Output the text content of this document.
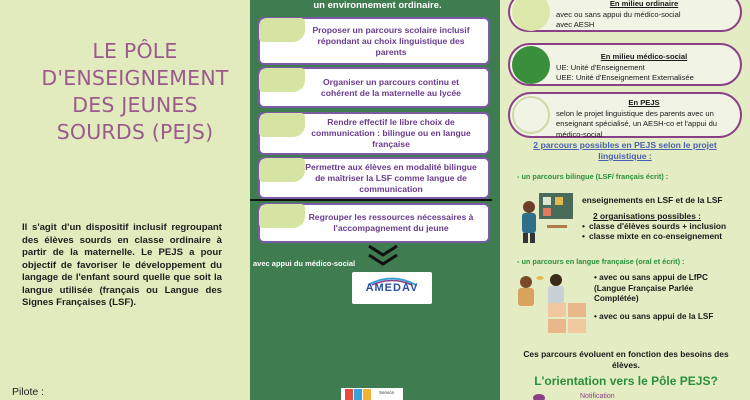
LE PÔLE D'ENSEIGNEMENT DES JEUNES SOURDS (PEJS)

Il s'agit d'un dispositif inclusif regroupant des élèves sourds en classe ordinaire à partir de la maternelle. Le PEJS a pour objectif de favoriser le développement du langage de l'enfant sourd quelle que soit la langue utilisée (français ou Langue des Signes Françaises (LSF).

Pilote :
un environnement ordinaire.
Proposer un parcours scolaire inclusif répondant au choix linguistique des parents
Organiser un parcours continu et cohérent de la maternelle au lycée
Rendre effectif le libre choix de communication : bilingue ou en langue française
Permettre aux élèves en modalité bilingue de maîtriser la LSF comme langue de communication
Regrouper les ressources nécessaires à l'accompagnement du jeune
avec appui du médico-social
AMEDAV
Service
En milieu ordinaire
avec ou sans appui du médico-social
avec AESH
En milieu médico-social
UE: Unité d'Enseignement
UEE: Unité d'Enseignement Externalisée
En PEJS
selon le projet linguistique des parents avec un enseignant spécialisé, un AESH-co et l'appui du médico-social
2 parcours possibles en PEJS selon le projet linguistique :
- un parcours bilingue (LSF/ français écrit) :
enseignements en LSF et de la LSF
2 organisations possibles :
• classe d'élèves sourds + inclusion
• classe mixte en co-enseignement
- un parcours en langue française (oral et écrit) :
• avec ou sans appui de LfPC (Langue Française Parlée Complétée)
• avec ou sans appui de la LSF
Ces parcours évoluent en fonction des besoins des élèves.
L'orientation vers le Pôle PEJS?
Notification
